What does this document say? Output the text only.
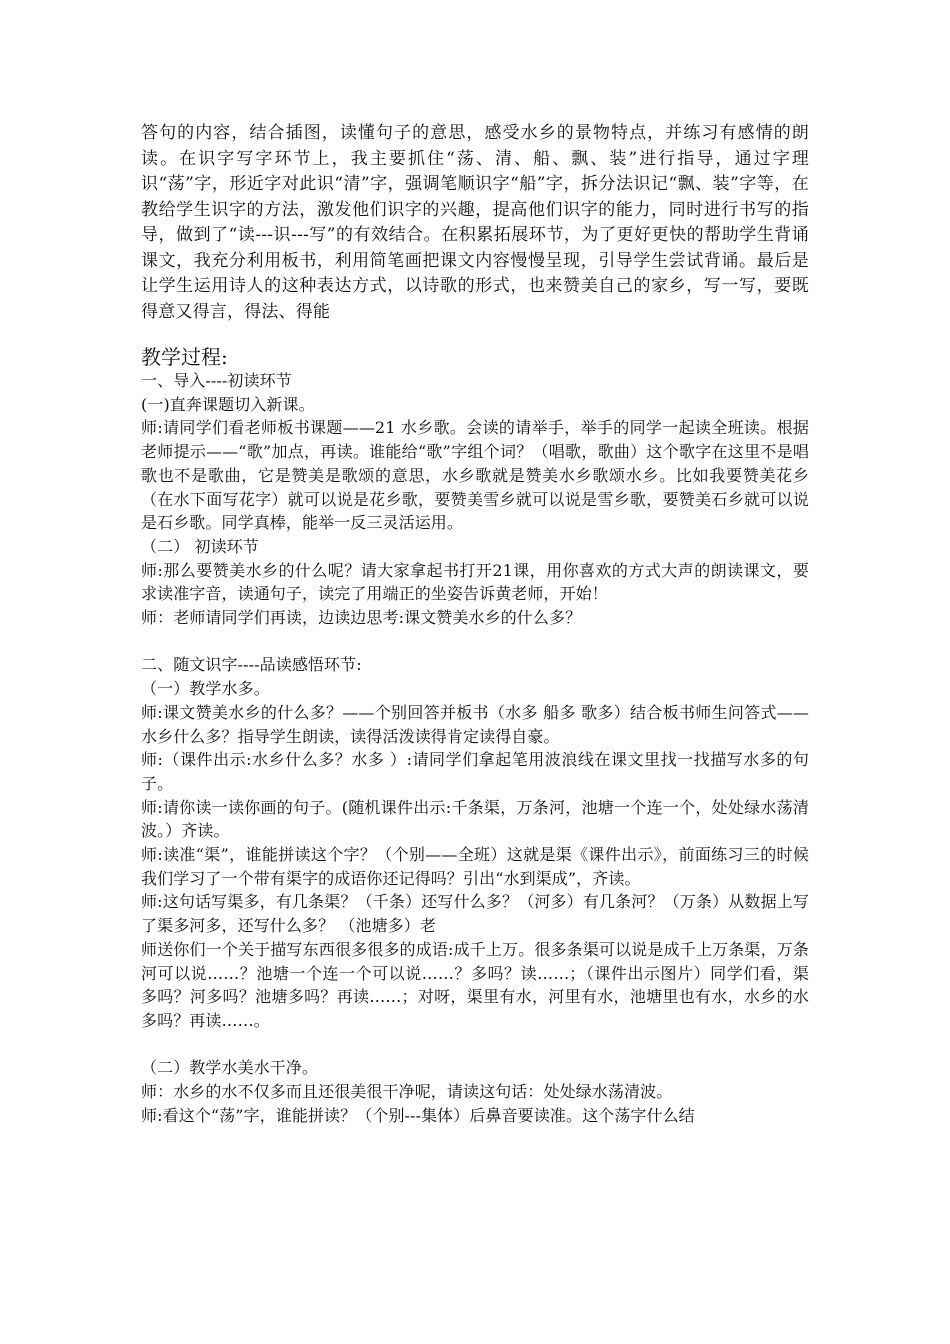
答句的内容，结合插图，读懂句子的意思，感受水乡的景物特点，并练习有感情的朗读。在识字写字环节上，我主要抓住“荡、清、船、飘、装”进行指导，通过字理识“荡”字，形近字对此识“清”字，强调笔顺识字“船”字，拆分法识记“飘、装”字等，在教给学生识字的方法，激发他们识字的兴趣，提高他们识字的能力，同时进行书写的指导，做到了“读---识---写”的有效结合。在积累拓展环节，为了更好更快的帮助学生背诵课文，我充分利用板书，利用简笔画把课文内容慢慢呈现，引导学生尝试背诵。最后是让学生运用诗人的这种表达方式，以诗歌的形式，也来赞美自己的家乡，写一写，要既得意又得言，得法、得能

教学过程:

一、导入----初读环节

(一)直奔课题切入新课。

师:请同学们看老师板书课题——21 水乡歌。会读的请举手，举手的同学一起读全班读。根据老师提示——“歌”加点，再读。谁能给“歌”字组个词？（唱歌，歌曲）这个歌字在这里不是唱歌也不是歌曲，它是赞美是歌颂的意思，水乡歌就是赞美水乡歌颂水乡。比如我要赞美花乡（在水下面写花字）就可以说是花乡歌，要赞美雪乡就可以说是雪乡歌，要赞美石乡就可以说是石乡歌。同学真棒，能举一反三灵活运用。

（二） 初读环节

师:那么要赞美水乡的什么呢？请大家拿起书打开21课，用你喜欢的方式大声的朗读课文，要求读准字音，读通句子，读完了用端正的坐姿告诉黄老师，开始！

师：老师请同学们再读，边读边思考:课文赞美水乡的什么多？

二、随文识字----品读感悟环节:

（一）教学水多。

师:课文赞美水乡的什么多？——个别回答并板书（水多 船多 歌多）结合板书师生问答式——水乡什么多？指导学生朗读，读得活泼读得肯定读得自豪。

师:（课件出示:水乡什么多？水多 ）:请同学们拿起笔用波浪线在课文里找一找描写水多的句子。

师:请你读一读你画的句子。(随机课件出示:千条渠，万条河，池塘一个连一个，处处绿水荡清波。）齐读。

师:读准“渠”，谁能拼读这个字？（个别——全班）这就是渠《课件出示》，前面练习三的时候我们学习了一个带有渠字的成语你还记得吗？引出“水到渠成”，齐读。

师:这句话写渠多，有几条渠？（千条）还写什么多？（河多）有几条河？（万条）从数据上写了渠多河多，还写什么多？ （池塘多）老

师送你们一个关于描写东西很多很多的成语:成千上万。很多条渠可以说是成千上万条渠，万条河可以说……？池塘一个连一个可以说……？多吗？读……；（课件出示图片）同学们看，渠多吗？河多吗？池塘多吗？再读……；对呀，渠里有水，河里有水，池塘里也有水，水乡的水多吗？再读……。

（二）教学水美水干净。

师：水乡的水不仅多而且还很美很干净呢，请读这句话：处处绿水荡清波。

师:看这个“荡”字，谁能拼读？（个别---集体）后鼻音要读准。这个荡字什么结
